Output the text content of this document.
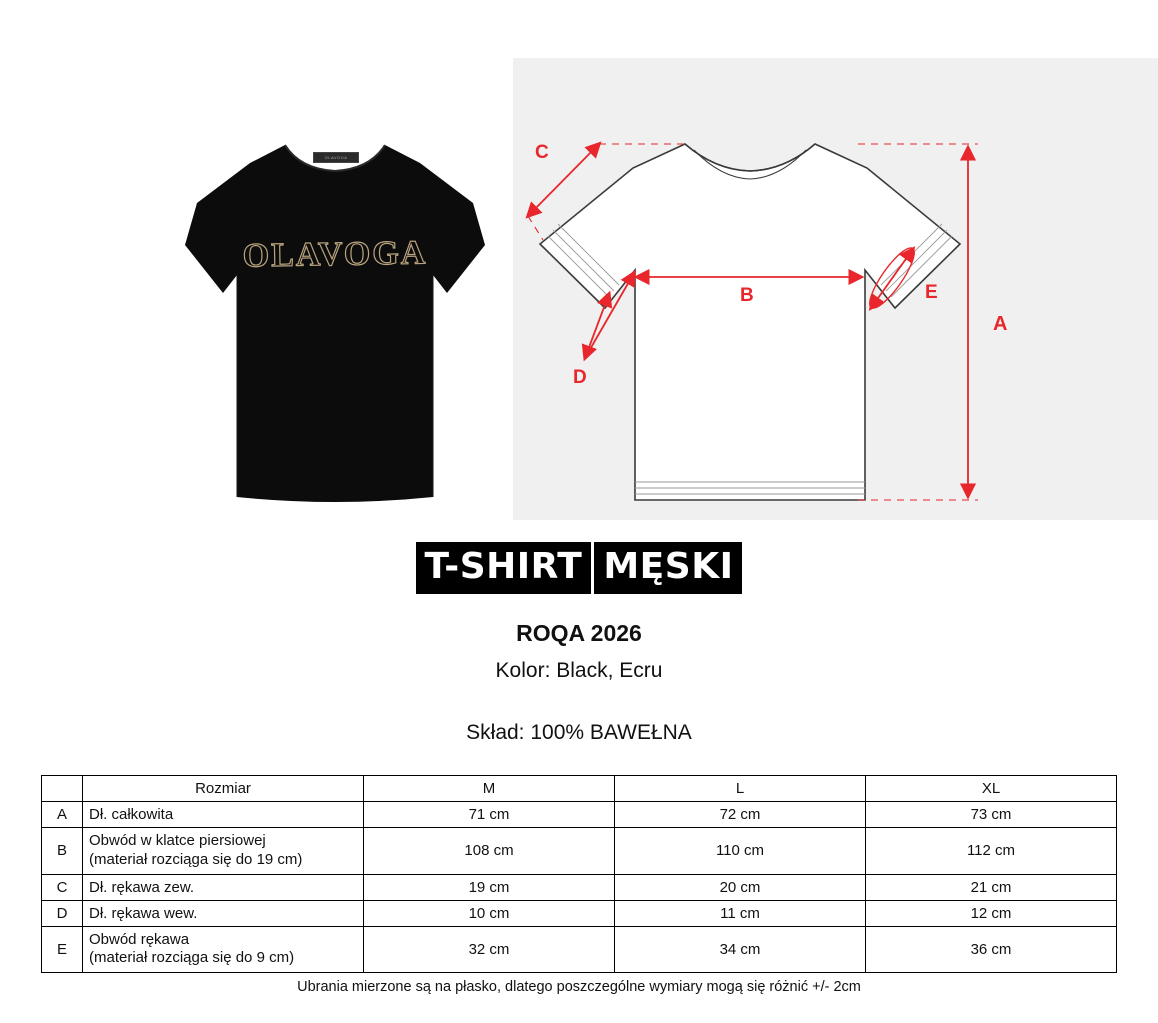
OLAVOGA
A
B
C
D
E
T-SHIRT MĘSKI
ROQA 2026
Kolor: Black, Ecru
Skład: 100% BAWEŁNA
	Rozmiar	M	L	XL
A	Dł. całkowita	71 cm	72 cm	73 cm
B	Obwód w klatce piersiowej
(materiał rozciąga się do 19 cm)	108 cm	110 cm	112 cm
C	Dł. rękawa zew.	19 cm	20 cm	21 cm
D	Dł. rękawa wew.	10 cm	11 cm	12 cm
E	Obwód rękawa
(materiał rozciąga się do 9 cm)	32 cm	34 cm	36 cm
Ubrania mierzone są na płasko, dlatego poszczególne wymiary mogą się różnić +/- 2cm
